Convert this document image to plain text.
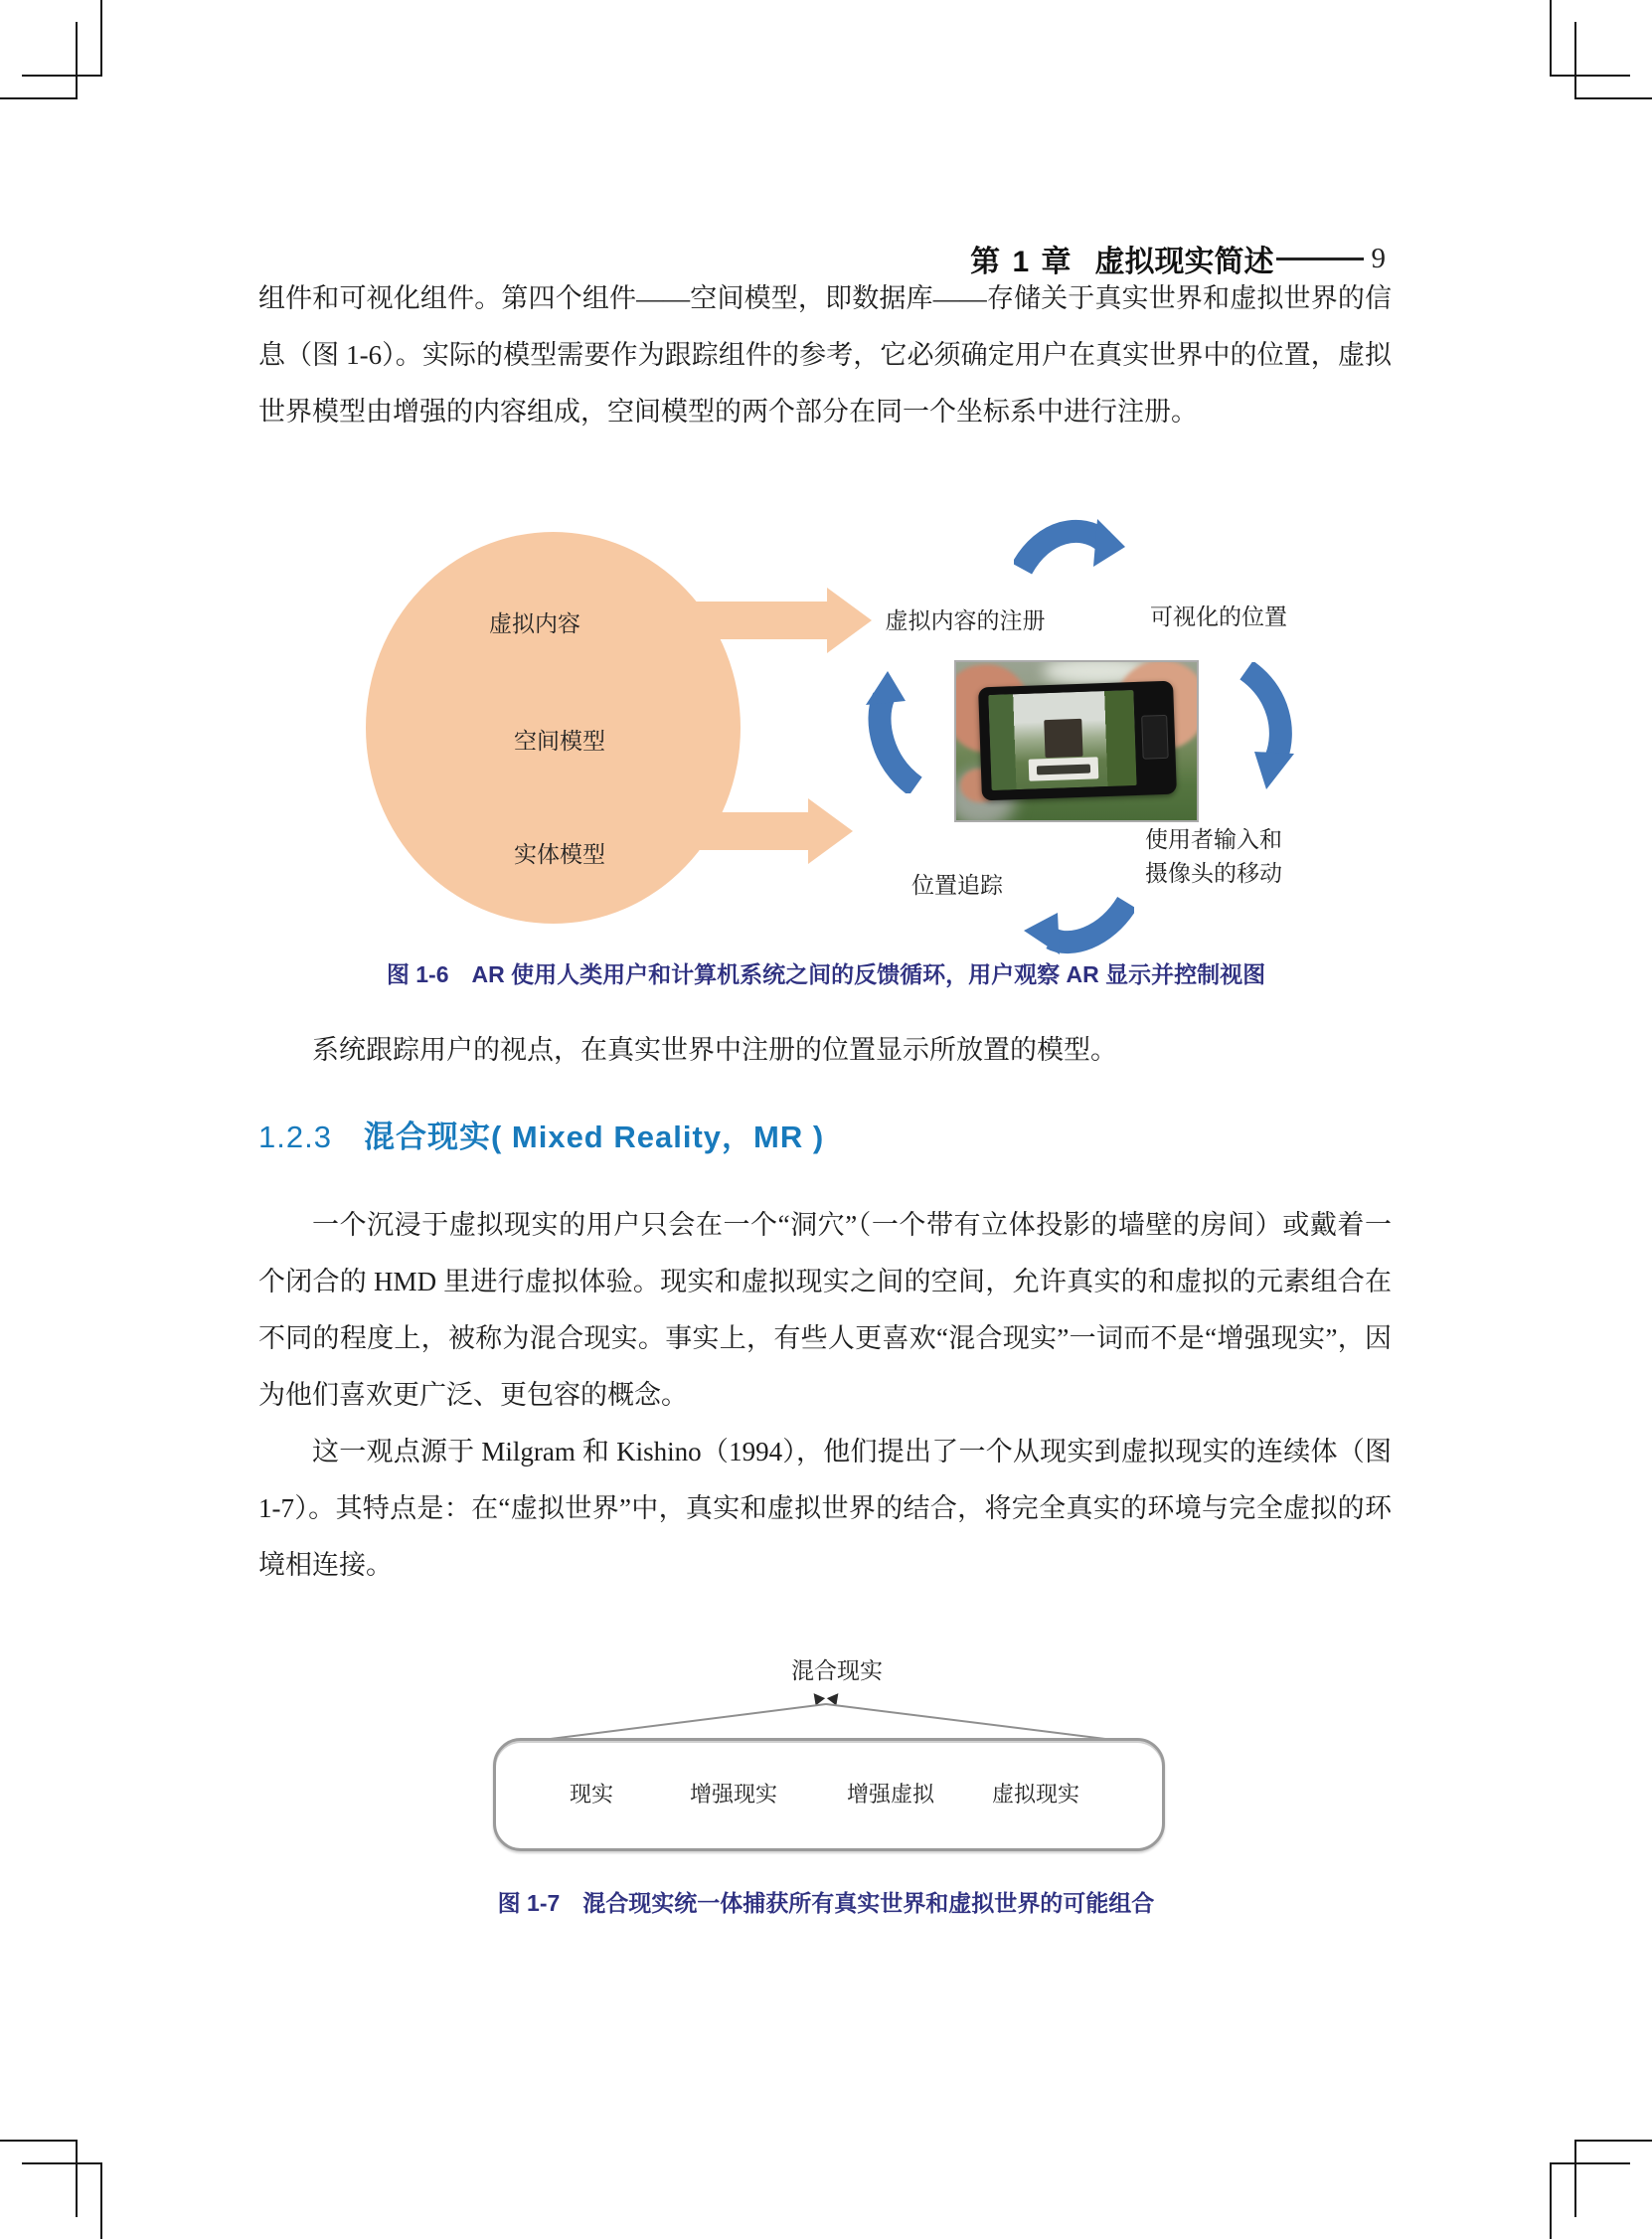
第 1 章 虚拟现实简述	9

组件和可视化组件。第四个组件——空间模型，即数据库——存储关于真实世界和虚拟世界的信息（图 1-6）。实际的模型需要作为跟踪组件的参考，它必须确定用户在真实世界中的位置，虚拟世界模型由增强的内容组成，空间模型的两个部分在同一个坐标系中进行注册。

虚拟内容
空间模型
实体模型
虚拟内容的注册	可视化的位置
位置追踪
使用者输入和
摄像头的移动
图 1-6　AR 使用人类用户和计算机系统之间的反馈循环，用户观察 AR 显示并控制视图

系统跟踪用户的视点，在真实世界中注册的位置显示所放置的模型。

1.2.3 混合现实( Mixed Reality，MR )

一个沉浸于虚拟现实的用户只会在一个“洞穴”（一个带有立体投影的墙壁的房间）或戴着一个闭合的 HMD 里进行虚拟体验。现实和虚拟现实之间的空间，允许真实的和虚拟的元素组合在不同的程度上，被称为混合现实。事实上，有些人更喜欢“混合现实”一词而不是“增强现实”，因为他们喜欢更广泛、更包容的概念。

这一观点源于 Milgram 和 Kishino（1994），他们提出了一个从现实到虚拟现实的连续体（图 1-7）。其特点是：在“虚拟世界”中，真实和虚拟世界的结合，将完全真实的环境与完全虚拟的环境相连接。

混合现实
现实	增强现实	增强虚拟	虚拟现实
图 1-7　混合现实统一体捕获所有真实世界和虚拟世界的可能组合
